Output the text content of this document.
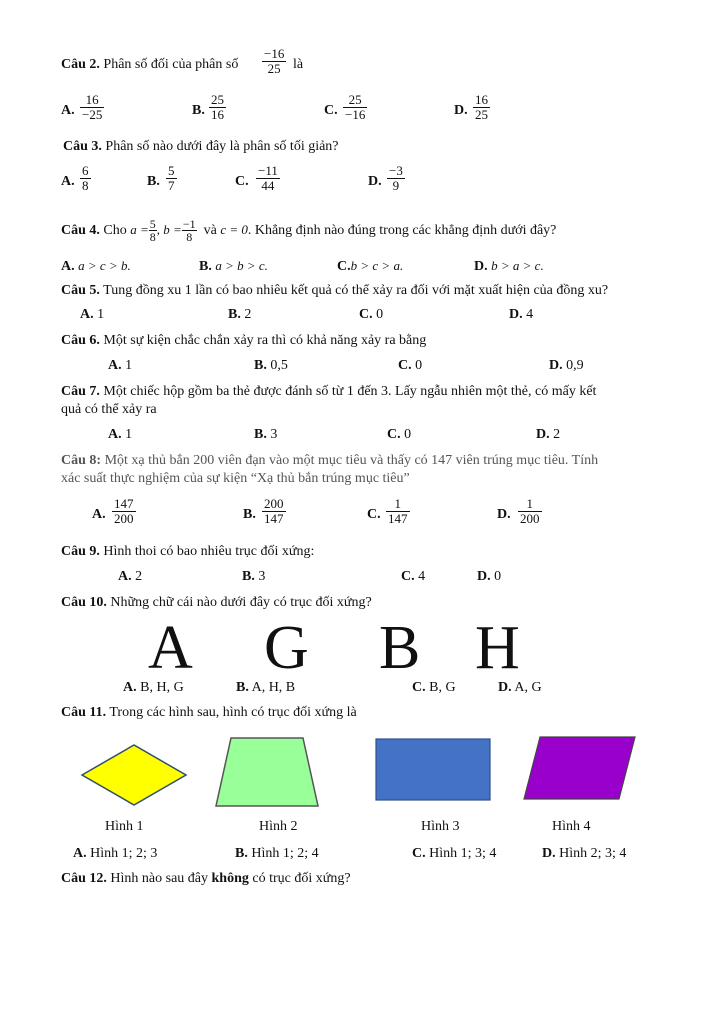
Câu 2. Phân số đối của phân số $\frac{-16}{25}$ là
A. $\frac{16}{-25}$	B. $\frac{25}{16}$	C. $\frac{25}{-16}$	D. $\frac{16}{25}$
Câu 3. Phân số nào dưới đây là phân số tối giản?
A. $\frac{6}{8}$	B. $\frac{5}{7}$	C. $\frac{-11}{44}$	D. $\frac{-3}{9}$
Câu 4. Cho $a = \frac{5}{8}$ , $b = \frac{-1}{8}$ và c = 0. Khẳng định nào đúng trong các khẳng định dưới đây?
A. a > c > b.	B. a > b > c.	C.b > c > a.	D. b > a > c.
Câu 5. Tung đồng xu 1 lần có bao nhiêu kết quả có thể xảy ra đối với mặt xuất hiện của đồng xu?
A. 1	B. 2	C. 0	D. 4
Câu 6. Một sự kiện chắc chắn xảy ra thì có khả năng xảy ra bằng
A. 1	B. 0,5	C. 0	D. 0,9
Câu 7. Một chiếc hộp gồm ba thẻ được đánh số từ 1 đến 3. Lấy ngẫu nhiên một thẻ, có mấy kết
quả có thể xảy ra
A. 1	B. 3	C. 0	D. 2
Câu 8: Một xạ thủ bắn 200 viên đạn vào một mục tiêu và thấy có 147 viên trúng mục tiêu. Tính
xác suất thực nghiệm của sự kiện “Xạ thủ bắn trúng mục tiêu”
A. $\frac{147}{200}$	B. $\frac{200}{147}$	C. $\frac{1}{147}$	D. $\frac{1}{200}$
Câu 9. Hình thoi có bao nhiêu trục đối xứng:
A. 2	B. 3	C. 4	D. 0
Câu 10. Những chữ cái nào dưới đây có trục đối xứng?
A G B H
A. B, H, G	B. A, H, B	C. B, G	D. A, G
Câu 11. Trong các hình sau, hình có trục đối xứng là
Hình 1	Hình 2	Hình 3	Hình 4
A. Hình 1; 2; 3	B. Hình 1; 2; 4	C. Hình 1; 3; 4	D. Hình 2; 3; 4
Câu 12. Hình nào sau đây không có trục đối xứng?
